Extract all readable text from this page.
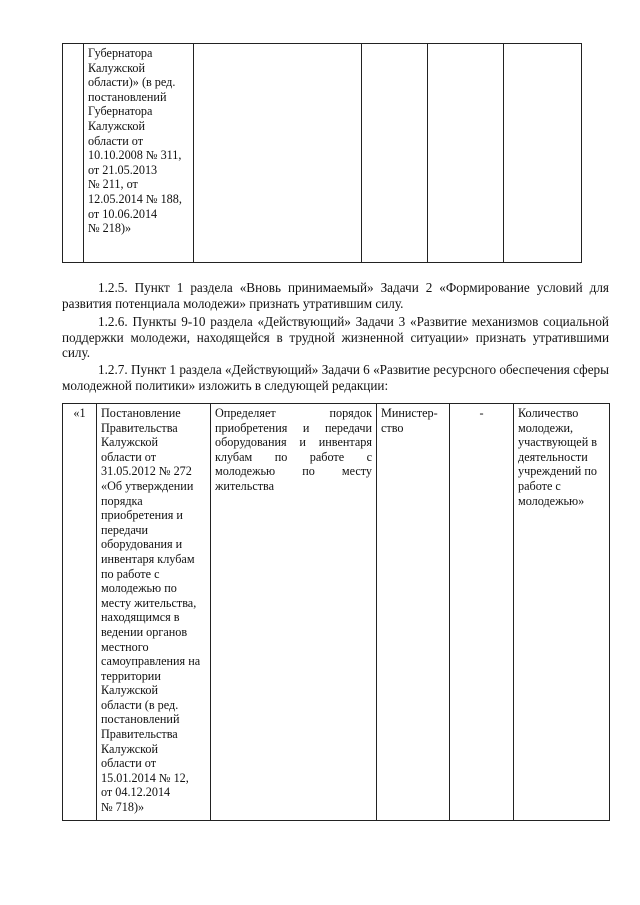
Губернатора
Калужской
области)» (в ред.
постановлений
Губернатора
Калужской
области от
10.10.2008 № 311,
от 21.05.2013
№ 211, от
12.05.2014 № 188,
от 10.06.2014
№ 218)»

1.2.5. Пункт 1 раздела «Вновь принимаемый» Задачи 2 «Формирование условий для развития потенциала молодежи» признать утратившим силу.

1.2.6. Пункты 9-10 раздела «Действующий» Задачи 3 «Развитие механизмов социальной поддержки молодежи, находящейся в трудной жизненной ситуации» признать утратившими силу.

1.2.7. Пункт 1 раздела «Действующий» Задачи 6 «Развитие ресурсного обеспечения сферы молодежной политики» изложить в следующей редакции:

«1	Постановление
Правительства
Калужской
области от
31.05.2012 № 272
«Об утверждении
порядка
приобретения и
передачи
оборудования и
инвентаря клубам
по работе с
молодежью по
месту жительства,
находящимся в
ведении органов
местного
самоуправления на
территории
Калужской
области (в ред.
постановлений
Правительства
Калужской
области от
15.01.2014 № 12,
от 04.12.2014
№ 718)»

Определяет порядок
приобретения и передачи
оборудования и инвентаря
клубам по работе с
молодежью по месту
жительства

Министер-
ство
	-	Количество
молодежи,
участвующей в
деятельности
учреждений по
работе с
молодежью»
